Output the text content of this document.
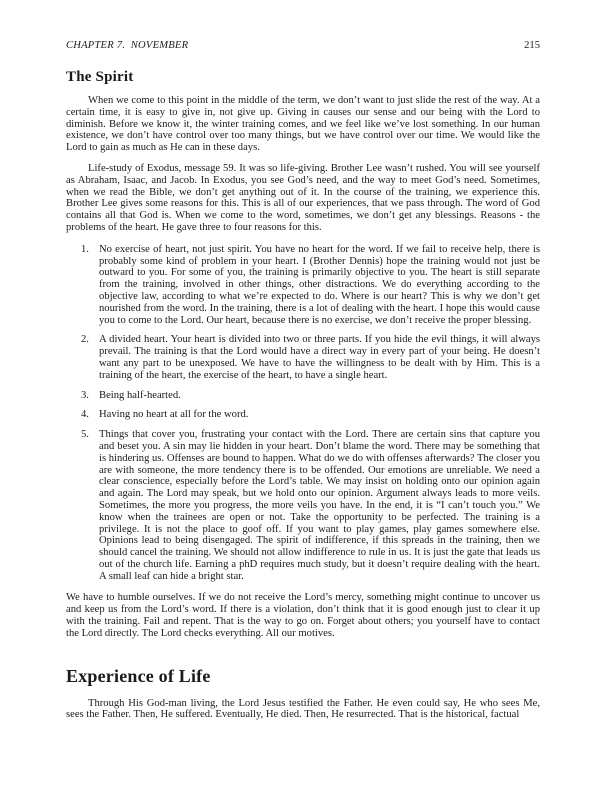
CHAPTER 7.  NOVEMBER	215
The Spirit

When we come to this point in the middle of the term, we don’t want to just slide the rest of the way. At a certain time, it is easy to give in, not give up. Giving in causes our sense and our being with the Lord to diminish. Before we know it, the winter training comes, and we feel like we’ve lost something. In our human existence, we don’t have control over too many things, but we have control over our time. We would like the Lord to gain as much as He can in these days.

Life-study of Exodus, message 59. It was so life-giving. Brother Lee wasn’t rushed. You will see yourself as Abraham, Isaac, and Jacob. In Exodus, you see God’s need, and the way to meet God’s need. Sometimes, when we read the Bible, we don’t get anything out of it. In the course of the training, we experience this. Brother Lee gives some reasons for this. This is all of our experiences, that we pass through. The word of God contains all that God is. When we come to the word, sometimes, we don’t get any blessings. Reasons - the problems of the heart. He gave three to four reasons for this.

No exercise of heart, not just spirit. You have no heart for the word. If we fail to receive help, there is probably some kind of problem in your heart. I (Brother Dennis) hope the training would not just be outward to you. For some of you, the training is primarily objective to you. The heart is still separate from the training, involved in other things, other distractions. We do everything according to the objective law, according to what we’re expected to do. Where is our heart? This is why we don’t get nourished from the word. In the training, there is a lot of dealing with the heart. I hope this would cause you to come to the Lord. Our heart, because there is no exercise, we don’t receive the proper blessing.
A divided heart. Your heart is divided into two or three parts. If you hide the evil things, it will always prevail. The training is that the Lord would have a direct way in every part of your being. He doesn’t want any part to be unexposed. We have to have the willingness to be dealt with by Him. This is a training of the heart, the exercise of the heart, to have a single heart.
Being half-hearted.
Having no heart at all for the word.
Things that cover you, frustrating your contact with the Lord. There are certain sins that capture you and beset you. A sin may lie hidden in your heart. Don’t blame the word. There may be something that is hindering us. Offenses are bound to happen. What do we do with offenses afterwards? The closer you are with someone, the more tendency there is to be offended. Our emotions are unreliable. We need a clear conscience, especially before the Lord’s table. We may insist on holding onto our opinion again and again. The Lord may speak, but we hold onto our opinion. Argument always leads to more veils. Sometimes, the more you progress, the more veils you have. In the end, it is “I can’t touch you.” We know when the trainees are open or not. Take the opportunity to be perfected. The training is a privilege. It is not the place to goof off. If you want to play games, play games somewhere else. Opinions lead to being disengaged. The spirit of indifference, if this spreads in the training, then we should cancel the training. We should not allow indifference to rule in us. It is just the gate that leads us out of the church life. Earning a phD requires much study, but it doesn’t require dealing with the heart. A small leaf can hide a bright star.

We have to humble ourselves. If we do not receive the Lord’s mercy, something might continue to uncover us and keep us from the Lord’s word. If there is a violation, don’t think that it is good enough just to clear it up with the training. Fail and repent. That is the way to go on. Forget about others; you yourself have to contact the Lord directly. The Lord checks everything. All our motives.

Experience of Life

Through His God-man living, the Lord Jesus testified the Father. He even could say, He who sees Me, sees the Father. Then, He suffered. Eventually, He died. Then, He resurrected. That is the historical, factual
